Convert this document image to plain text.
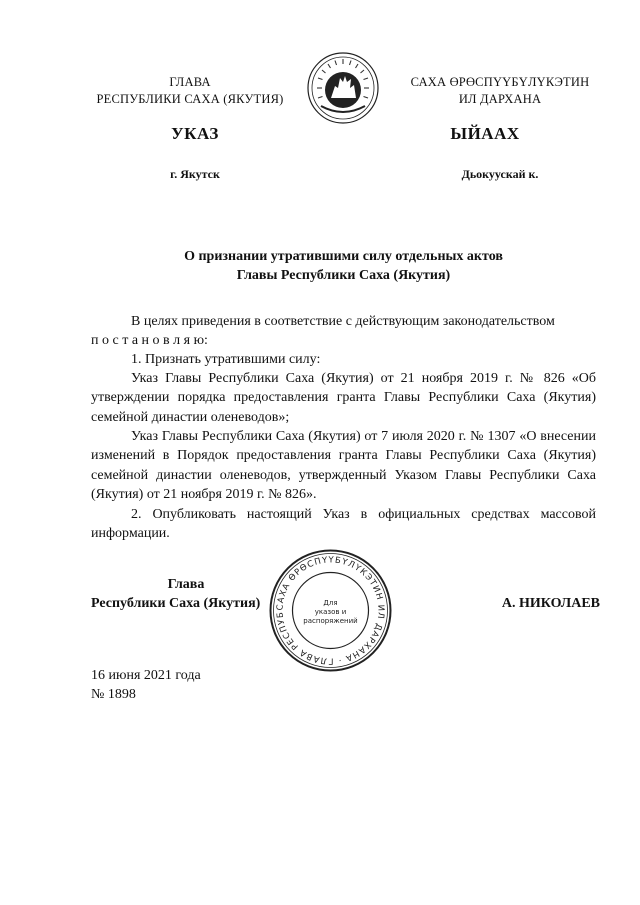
ГЛАВА
РЕСПУБЛИКИ САХА (ЯКУТИЯ)
САХА ӨРӨСПҮҮБҮЛҮКЭТИН
ИЛ ДАРХАНА
УКАЗ	ЫЙААХ
г. Якутск	Дьокуускай к.
О признании утратившими силу отдельных актов
Главы Республики Саха (Якутия)
В целях приведения в соответствие с действующим законодательством
п о с т а н о в л я ю:
1. Признать утратившими силу:
Указ Главы Республики Саха (Якутия) от 21 ноября 2019 г. № 826 «Об утверждении порядка предоставления гранта Главы Республики Саха (Якутия) семейной династии оленеводов»;
Указ Главы Республики Саха (Якутия) от 7 июля 2020 г. № 1307 «О внесении изменений в Порядок предоставления гранта Главы Республики Саха (Якутия) семейной династии оленеводов, утвержденный Указом Главы Республики Саха (Якутия) от 21 ноября 2019 г. № 826».
2. Опубликовать настоящий Указ в официальных средствах массовой информации.
Глава
Республики Саха (Якутия)	А. НИКОЛАЕВ
САХА ӨРӨСПҮҮБҮЛҮКЭТИН ИЛ ДАРХАНА · ГЛАВА РЕСПУБ
Для
указов и
распоряжений
16 июня 2021 года
№ 1898
